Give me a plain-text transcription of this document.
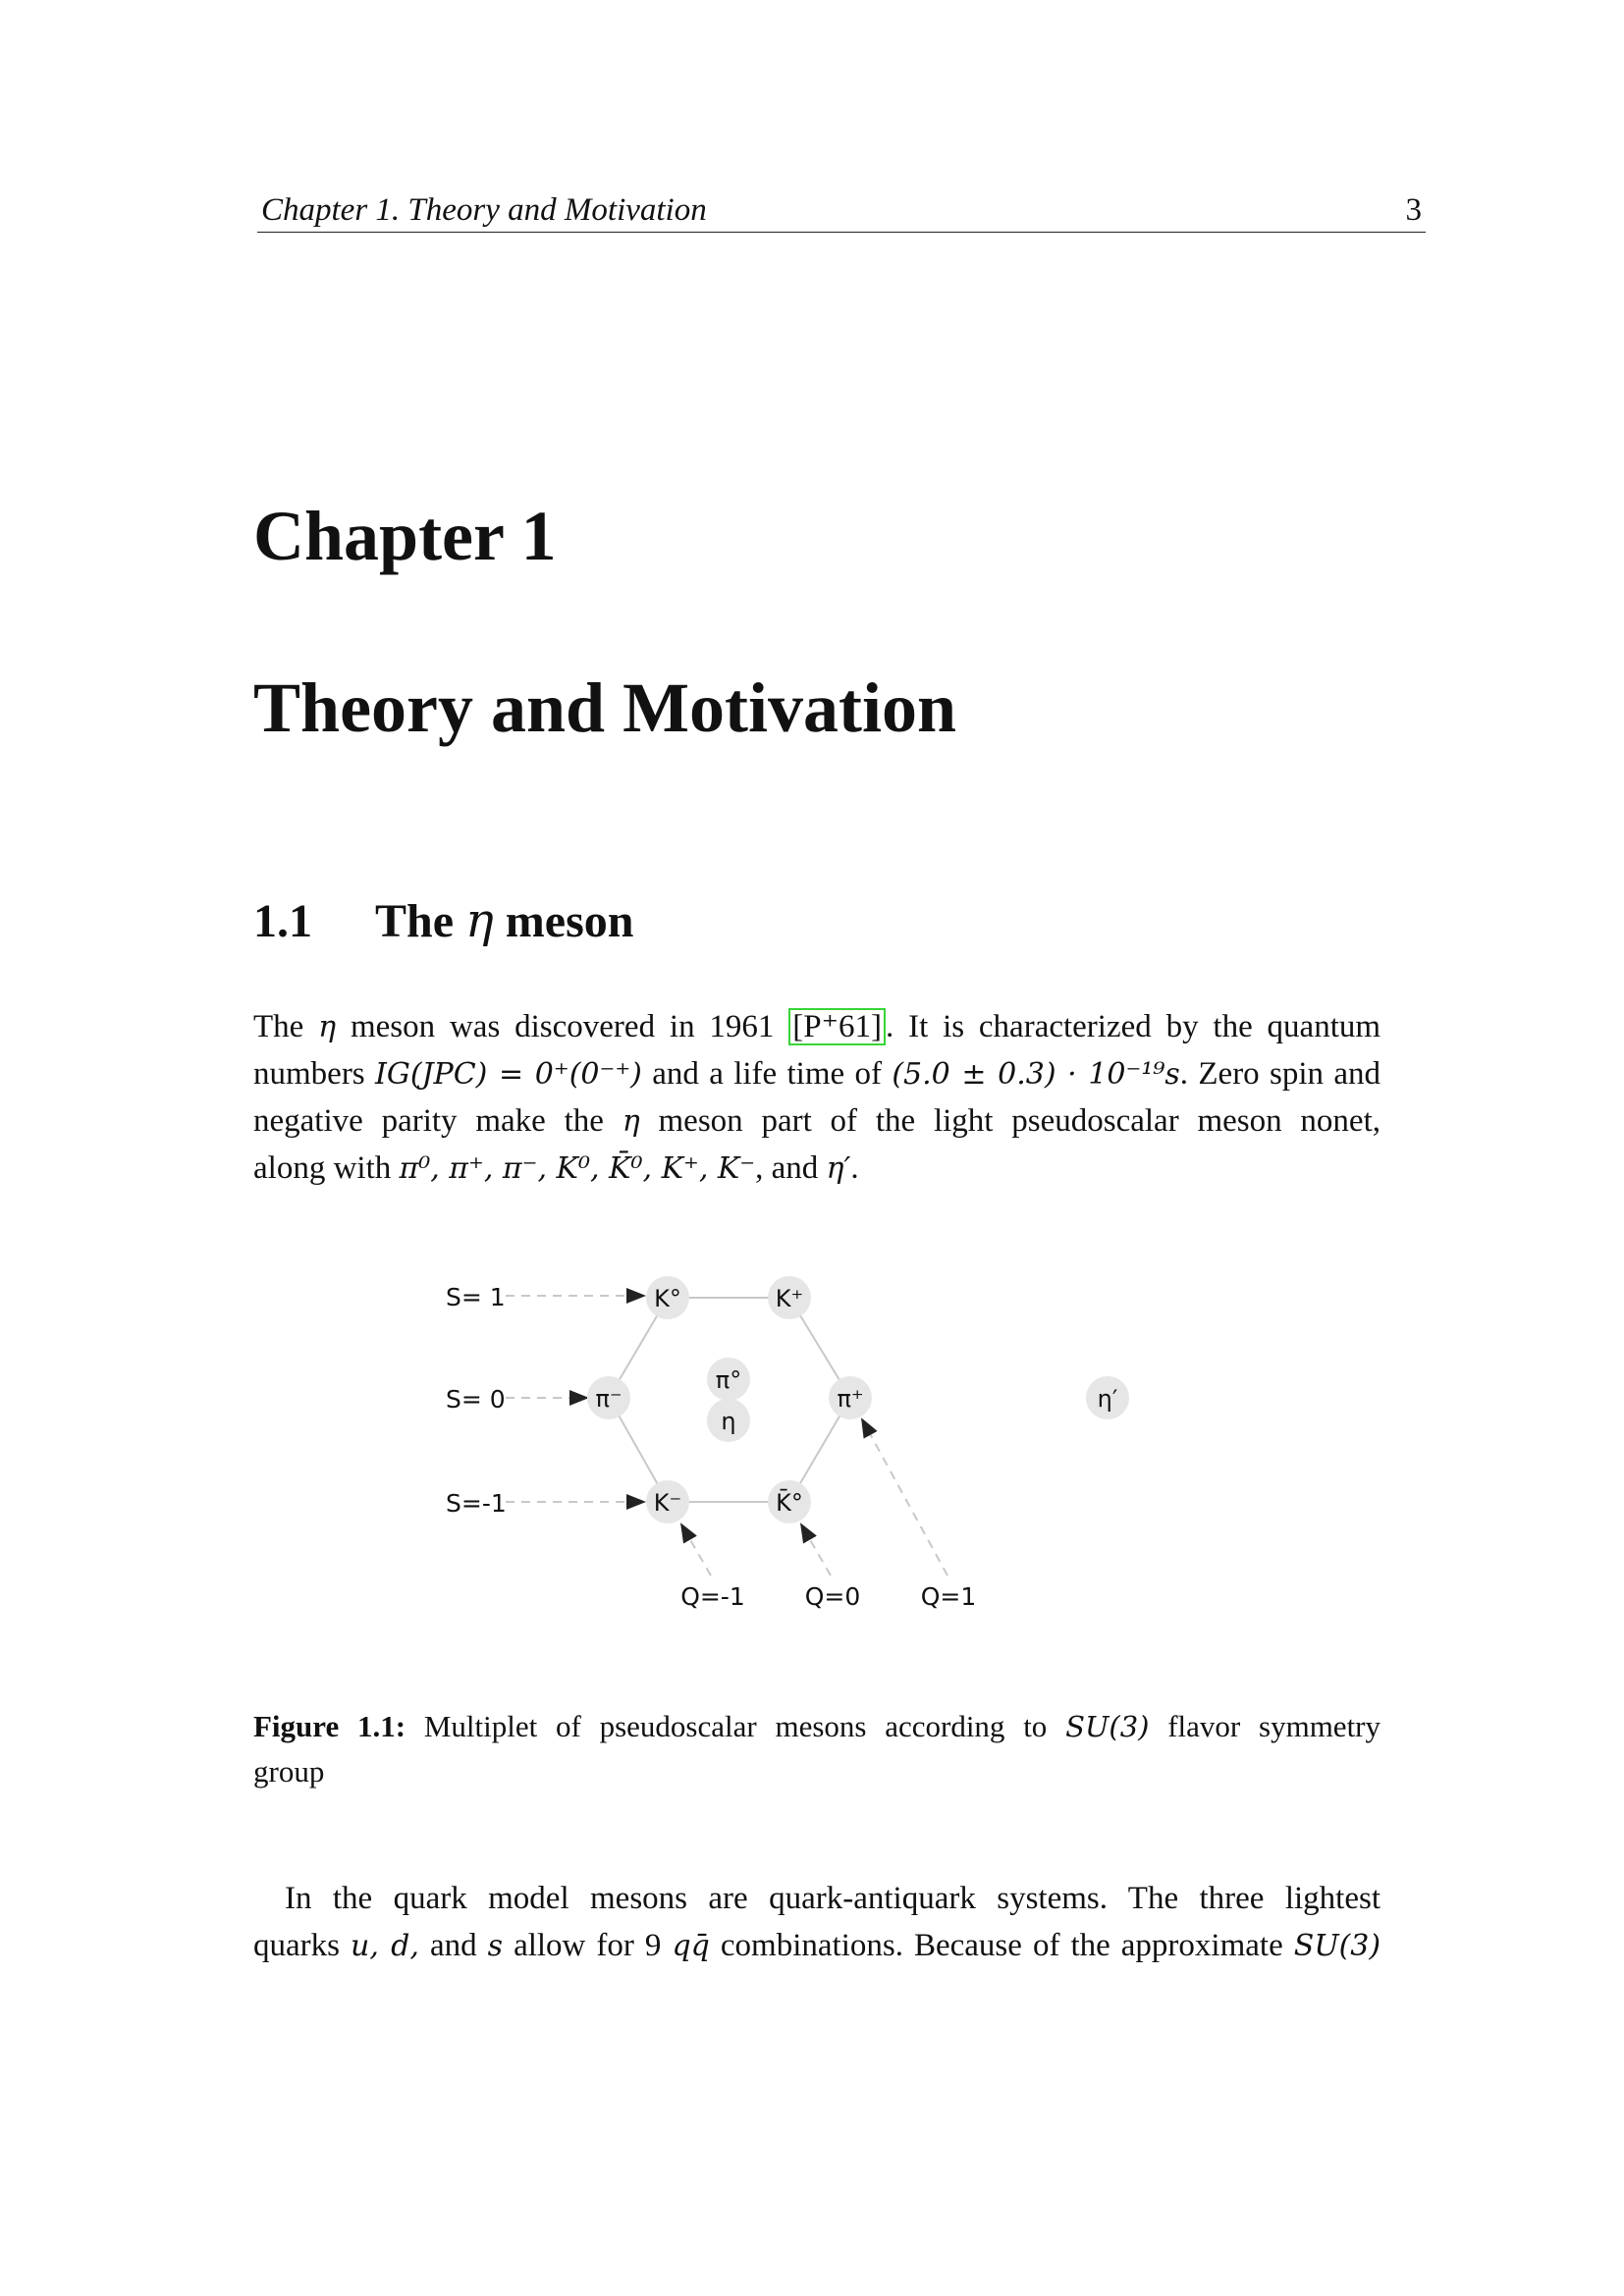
Chapter 1. Theory and Motivation	3
Chapter 1
Theory and Motivation
1.1 The η meson
The η meson was discovered in 1961 [P⁺61] . It is characterized by the quantum
numbers IG(JPC) = 0⁺(0⁻⁺) and a life time of (5.0 ± 0.3) · 10⁻¹⁹s. Zero spin and
negative parity make the η meson part of the light pseudoscalar meson nonet,
along with π⁰, π⁺, π⁻, K⁰, K̄⁰, K⁺, K⁻, and η′.
S= 1
S= 0
S=-1
Q=-1 Q=0 Q=1
K°	K⁺
π⁻
π°
η
π⁺
K⁻	K̄°
η′
Figure 1.1: Multiplet of pseudoscalar mesons according to SU(3) flavor symmetry
group
In the quark model mesons are quark-antiquark systems. The three lightest
quarks u, d, and s allow for 9 qq̄ combinations. Because of the approximate SU(3)
